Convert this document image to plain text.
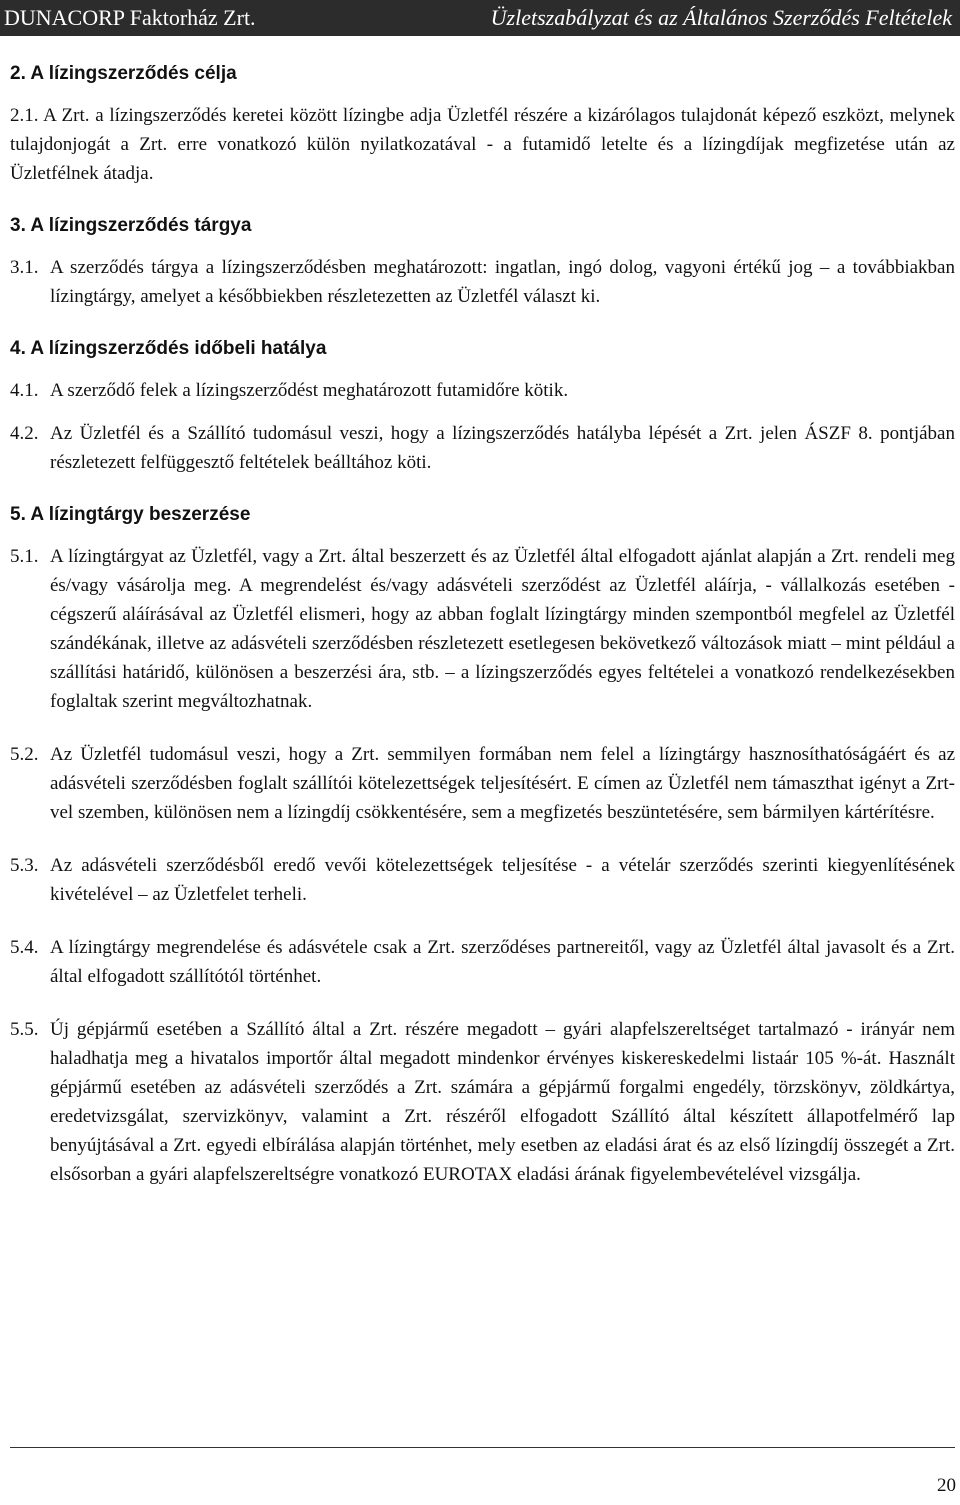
DUNACORP Faktorház Zrt.	Üzletszabályzat és az Általános Szerződés Feltételek
2. A lízingszerződés célja
2.1. A Zrt. a lízingszerződés keretei között lízingbe adja Üzletfél részére a kizárólagos tulajdonát képező eszközt, melynek tulajdonjogát a Zrt. erre vonatkozó külön nyilatkozatával - a futamidő letelte és a lízingdíjak megfizetése után az Üzletfélnek átadja.
3. A lízingszerződés tárgya
3.1. A szerződés tárgya a lízingszerződésben meghatározott: ingatlan, ingó dolog, vagyoni értékű jog – a továbbiakban lízingtárgy, amelyet a későbbiekben részletezetten az Üzletfél választ ki.
4. A lízingszerződés időbeli hatálya
4.1. A szerződő felek a lízingszerződést meghatározott futamidőre kötik.
4.2. Az Üzletfél és a Szállító tudomásul veszi, hogy a lízingszerződés hatályba lépését a Zrt. jelen ÁSZF 8. pontjában részletezett felfüggesztő feltételek beálltához köti.
5. A lízingtárgy beszerzése
5.1. A lízingtárgyat az Üzletfél, vagy a Zrt. által beszerzett és az Üzletfél által elfogadott ajánlat alapján a Zrt. rendeli meg és/vagy vásárolja meg. A megrendelést és/vagy adásvételi szerződést az Üzletfél aláírja, - vállalkozás esetében - cégszerű aláírásával az Üzletfél elismeri, hogy az abban foglalt lízingtárgy minden szempontból megfelel az Üzletfél szándékának, illetve az adásvételi szerződésben részletezett esetlegesen bekövetkező változások miatt – mint például a szállítási határidő, különösen a beszerzési ára, stb. – a lízingszerződés egyes feltételei a vonatkozó rendelkezésekben foglaltak szerint megváltozhatnak.
5.2. Az Üzletfél tudomásul veszi, hogy a Zrt. semmilyen formában nem felel a lízingtárgy hasznosíthatóságáért és az adásvételi szerződésben foglalt szállítói kötelezettségek teljesítésért. E címen az Üzletfél nem támaszthat igényt a Zrt-vel szemben, különösen nem a lízingdíj csökkentésére, sem a megfizetés beszüntetésére, sem bármilyen kártérítésre.
5.3. Az adásvételi szerződésből eredő vevői kötelezettségek teljesítése - a vételár szerződés szerinti kiegyenlítésének kivételével – az Üzletfelet terheli.
5.4. A lízingtárgy megrendelése és adásvétele csak a Zrt. szerződéses partnereitől, vagy az Üzletfél által javasolt és a Zrt. által elfogadott szállítótól történhet.
5.5. Új gépjármű esetében a Szállító által a Zrt. részére megadott – gyári alapfelszereltséget tartalmazó - irányár nem haladhatja meg a hivatalos importőr által megadott mindenkor érvényes kiskereskedelmi listaár 105 %-át. Használt gépjármű esetében az adásvételi szerződés a Zrt. számára a gépjármű forgalmi engedély, törzskönyv, zöldkártya, eredetvizsgálat, szervizkönyv, valamint a Zrt. részéről elfogadott Szállító által készített állapotfelmérő lap benyújtásával a Zrt. egyedi elbírálása alapján történhet, mely esetben az eladási árat és az első lízingdíj összegét a Zrt. elsősorban a gyári alapfelszereltségre vonatkozó EUROTAX eladási árának figyelembevételével vizsgálja.
20
